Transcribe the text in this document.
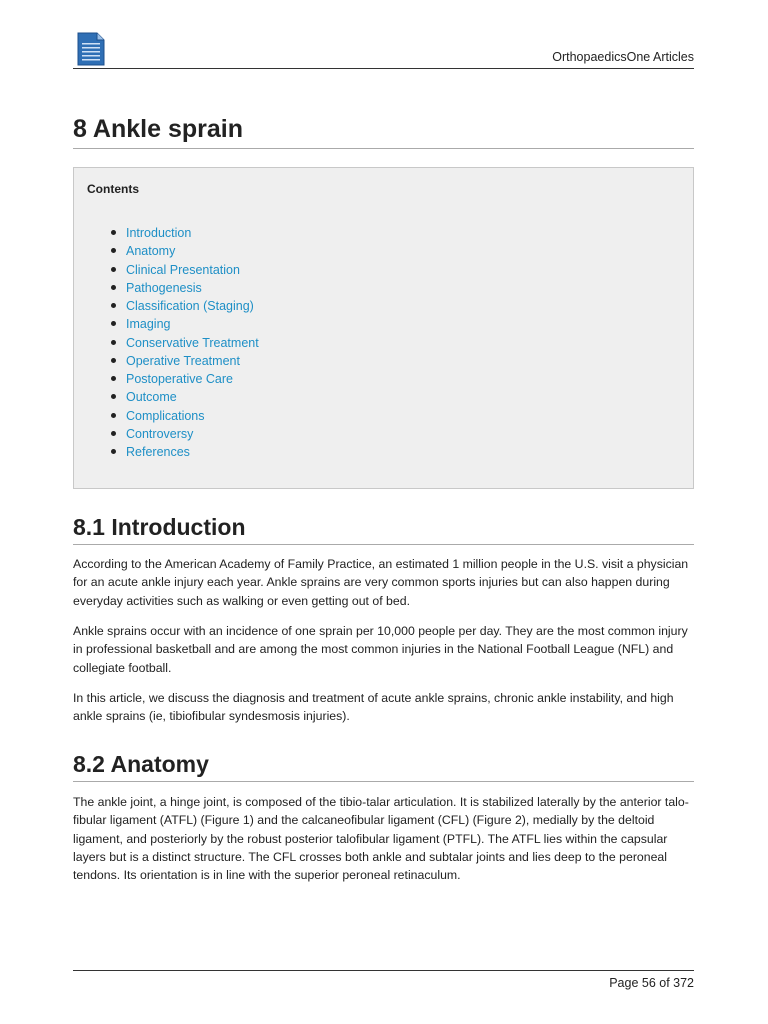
OrthopaedicsOne Articles
8 Ankle sprain
Contents
Introduction
Anatomy
Clinical Presentation
Pathogenesis
Classification (Staging)
Imaging
Conservative Treatment
Operative Treatment
Postoperative Care
Outcome
Complications
Controversy
References
8.1 Introduction

According to the American Academy of Family Practice, an estimated 1 million people in the U.S. visit a physician for an acute ankle injury each year. Ankle sprains are very common sports injuries but can also happen during everyday activities such as walking or even getting out of bed.

Ankle sprains occur with an incidence of one sprain per 10,000 people per day. They are the most common injury in professional basketball and are among the most common injuries in the National Football League (NFL) and collegiate football.

In this article, we discuss the diagnosis and treatment of acute ankle sprains, chronic ankle instability, and high ankle sprains (ie, tibiofibular syndesmosis injuries).

8.2 Anatomy

The ankle joint, a hinge joint, is composed of the tibio-talar articulation. It is stabilized laterally by the anterior talo-fibular ligament (ATFL) (Figure 1) and the calcaneofibular ligament (CFL) (Figure 2), medially by the deltoid ligament, and posteriorly by the robust posterior talofibular ligament (PTFL). The ATFL lies within the capsular layers but is a distinct structure. The CFL crosses both ankle and subtalar joints and lies deep to the peroneal tendons. Its orientation is in line with the superior peroneal retinaculum.

Page 56 of 372
